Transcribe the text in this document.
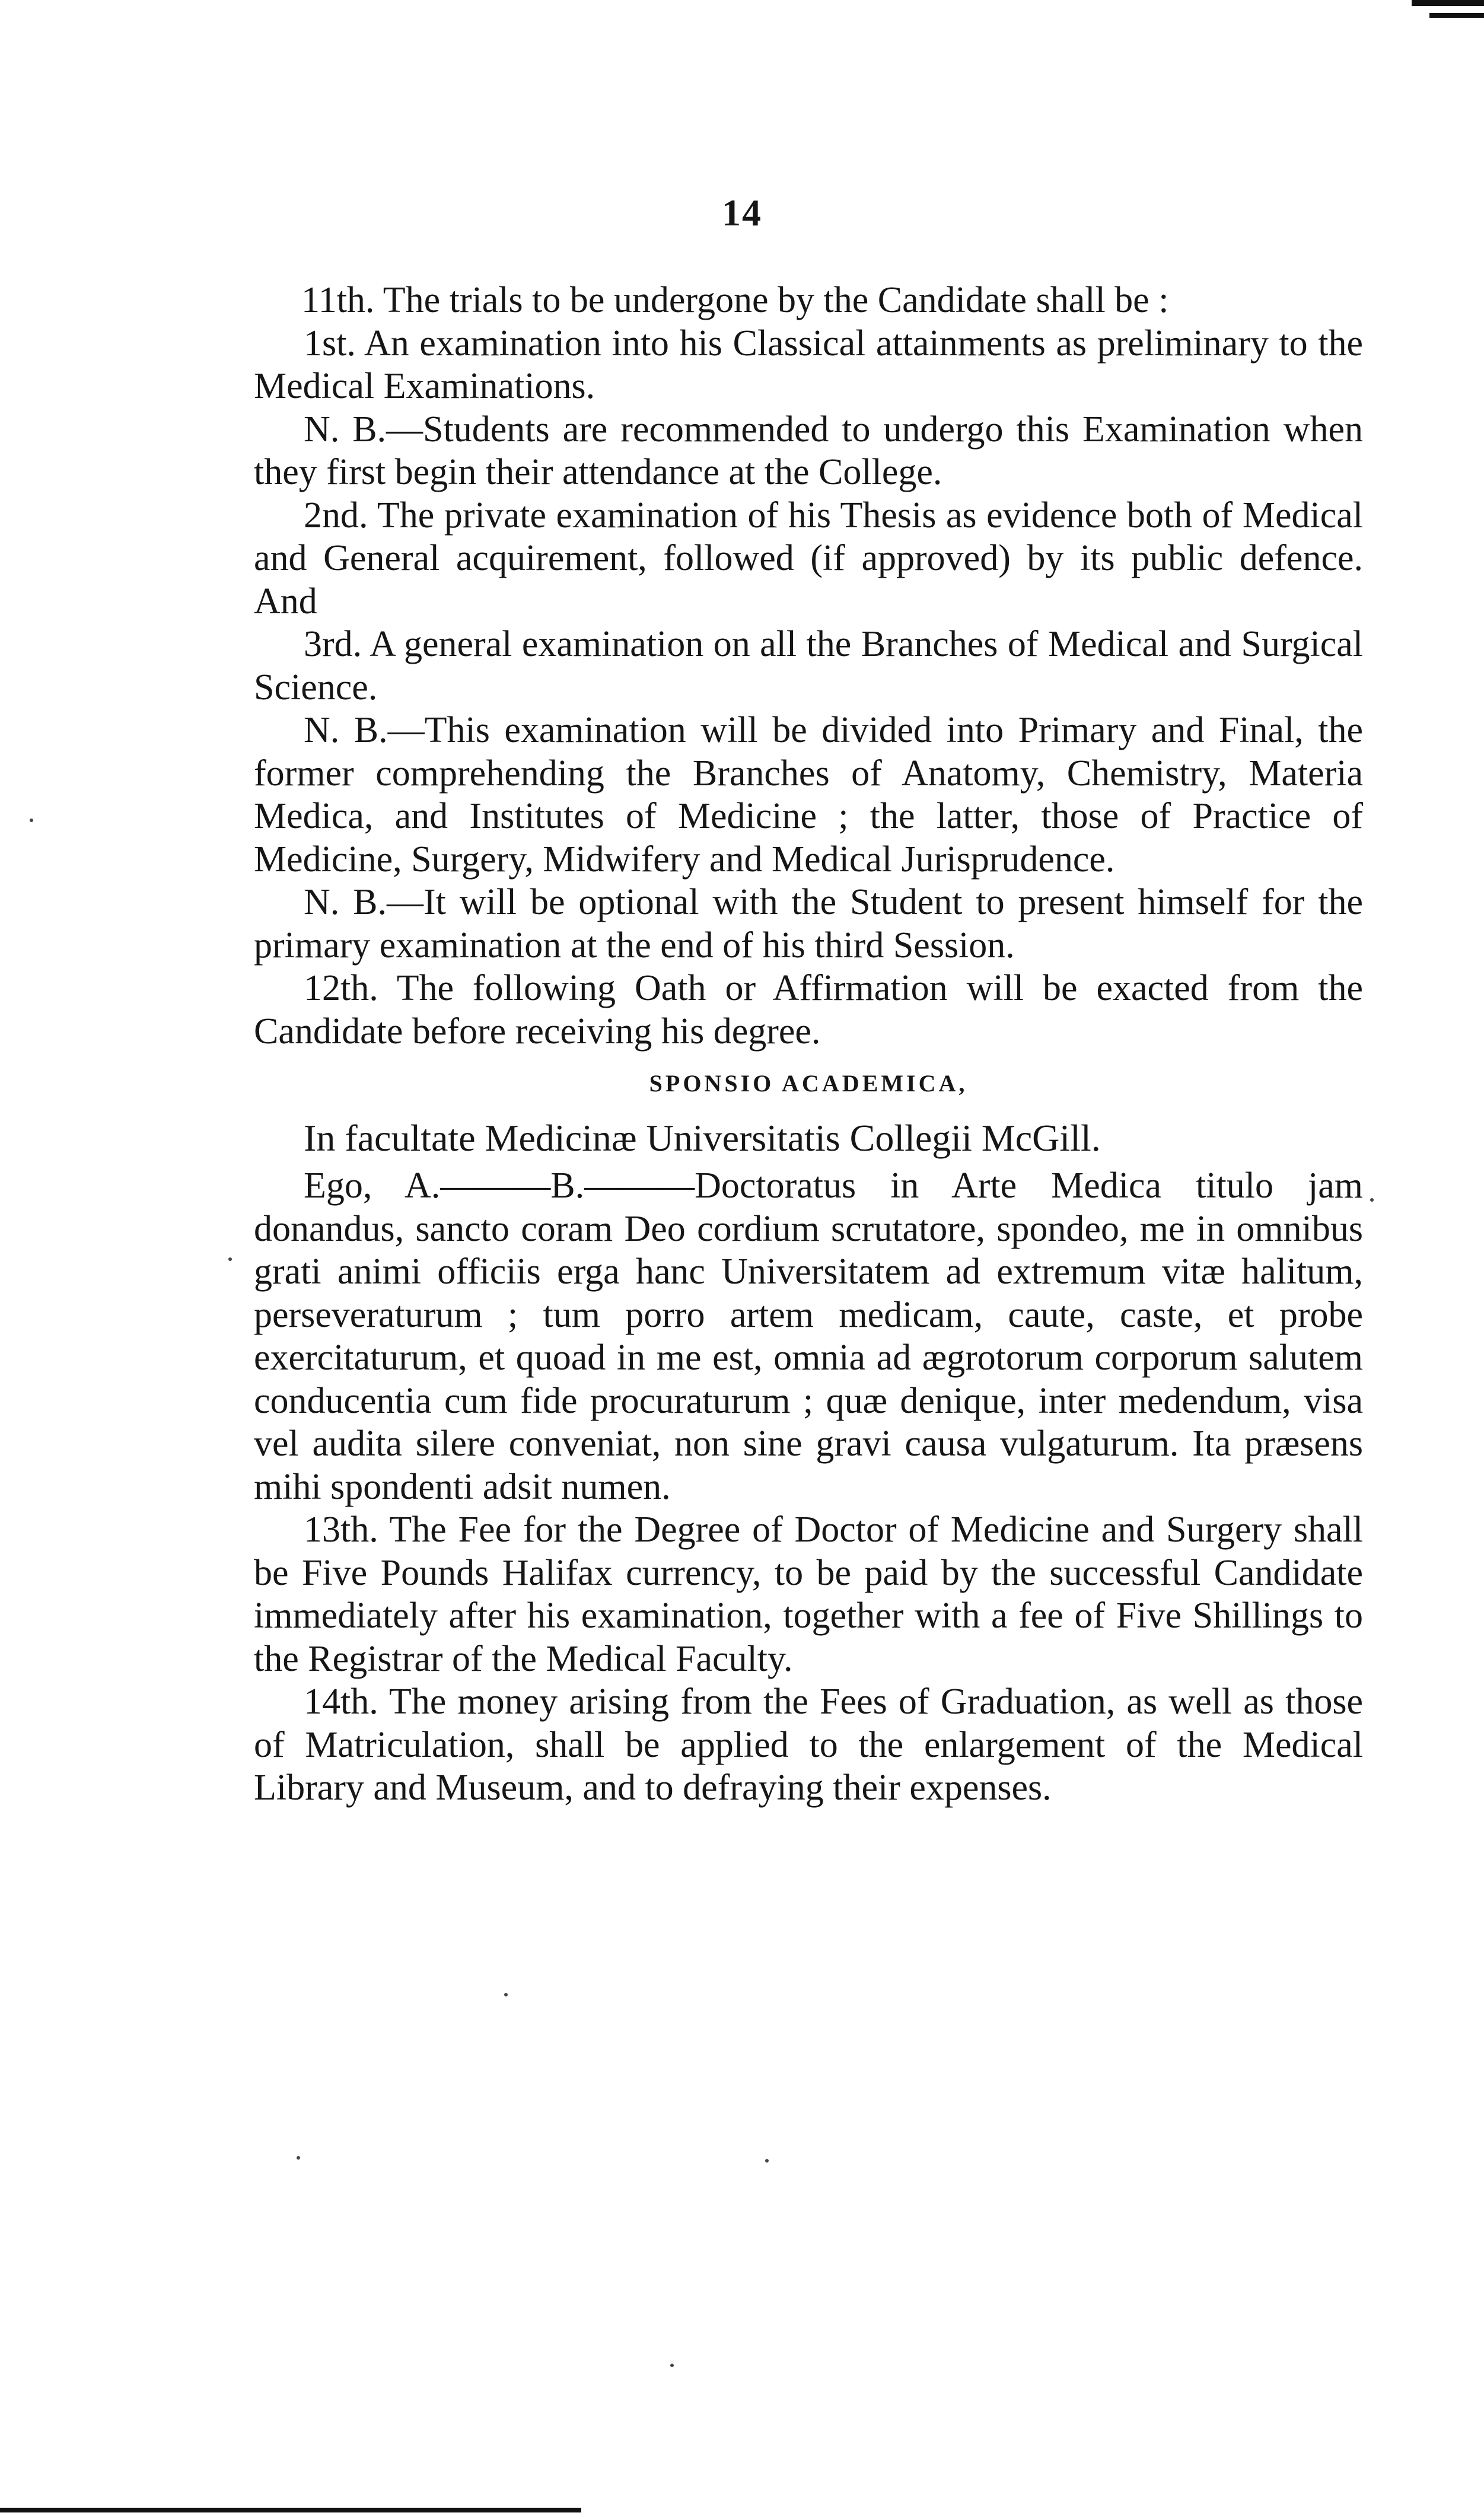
14

11th. The trials to be undergone by the Candidate shall be :

1st. An examination into his Classical attainments as preliminary to the Medical Examinations.

N. B.—Students are recommended to undergo this Examination when they first begin their attendance at the College.

2nd. The private examination of his Thesis as evidence both of Medical and General acquirement, followed (if approved) by its public defence. And

3rd. A general examination on all the Branches of Medical and Surgical Science.

N. B.—This examination will be divided into Primary and Final, the former comprehending the Branches of Anatomy, Chemistry, Materia Medica, and Institutes of Medicine ; the latter, those of Practice of Medicine, Surgery, Midwifery and Medical Jurisprudence.

N. B.—It will be optional with the Student to present himself for the primary examination at the end of his third Session.

12th. The following Oath or Affirmation will be exacted from the Candidate before receiving his degree.

SPONSIO ACADEMICA,

In facultate Medicinæ Universitatis Collegii McGill.

Ego, A.———B.———Doctoratus in Arte Medica titulo jam donandus, sancto coram Deo cordium scrutatore, spondeo, me in omnibus grati animi officiis erga hanc Universitatem ad extremum vitæ halitum, perseveraturum ; tum porro artem medicam, caute, caste, et probe exercitaturum, et quoad in me est, omnia ad ægrotorum corporum salutem conducentia cum fide procuraturum ; quæ denique, inter medendum, visa vel audita silere conveniat, non sine gravi causa vulgaturum. Ita præsens mihi spondenti adsit numen.

13th. The Fee for the Degree of Doctor of Medicine and Surgery shall be Five Pounds Halifax currency, to be paid by the successful Candidate immediately after his examination, together with a fee of Five Shillings to the Registrar of the Medical Faculty.

14th. The money arising from the Fees of Graduation, as well as those of Matriculation, shall be applied to the enlargement of the Medical Library and Museum, and to defraying their expenses.
